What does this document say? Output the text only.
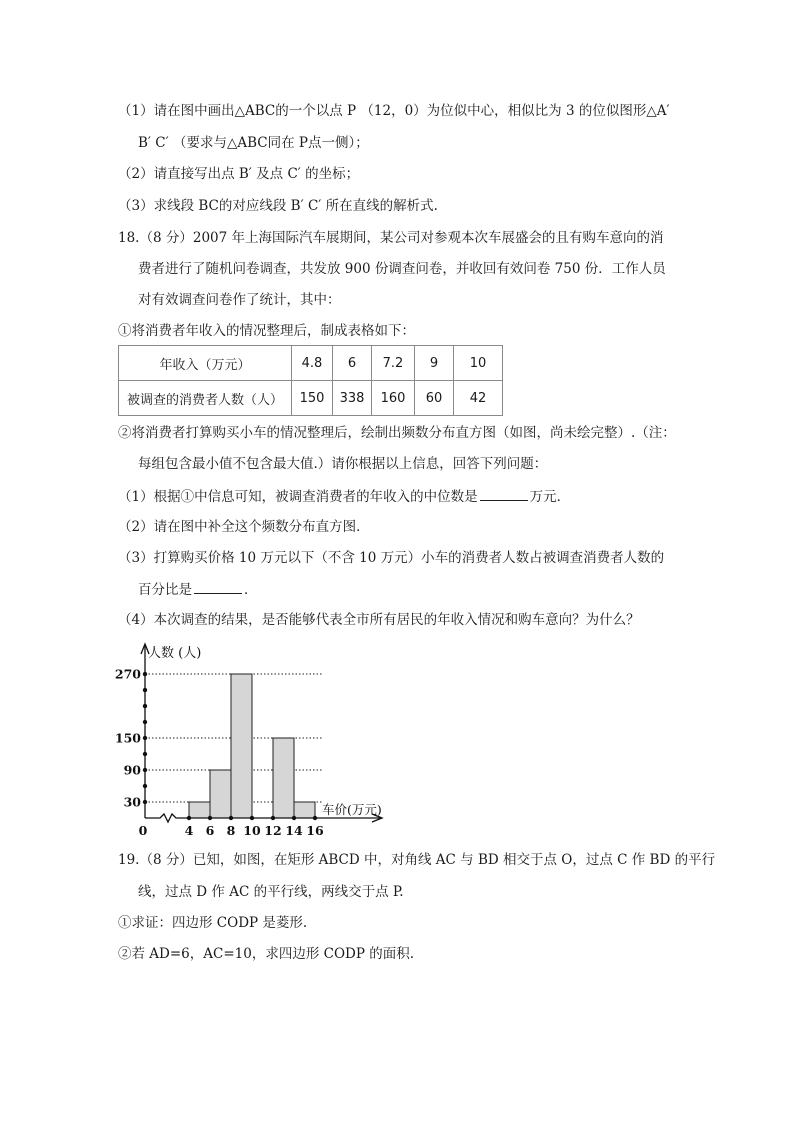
（1）请在图中画出△ABC的一个以点 P （12，0）为位似中心，相似比为 3 的位似图形△A′
B′ C′ （要求与△ABC同在 P点一侧）；
（2）请直接写出点 B′ 及点 C′ 的坐标；
（3）求线段 BC的对应线段 B′ C′ 所在直线的解析式.
18.（8 分）2007 年上海国际汽车展期间，某公司对参观本次车展盛会的且有购车意向的消
费者进行了随机问卷调查，共发放 900 份调查问卷，并收回有效问卷 750 份．工作人员
对有效调查问卷作了统计，其中：
①将消费者年收入的情况整理后，制成表格如下：
年收入（万元）	4.8	6	7.2	9	10
被调查的消费者人数（人）	150	338	160	60	42
②将消费者打算购买小车的情况整理后，绘制出频数分布直方图（如图，尚未绘完整）.（注：
每组包含最小值不包含最大值.）请你根据以上信息，回答下列问题：
（1）根据①中信息可知，被调查消费者的年收入的中位数是	万元．
（2）请在图中补全这个频数分布直方图．
（3）打算购买价格 10 万元以下（不含 10 万元）小车的消费者人数占被调查消费者人数的
百分比是	．
（4）本次调查的结果，是否能够代表全市所有居民的年收入情况和购车意向？为什么？
30
90
150
270
4 6 8 10 12 14 16
0
人数 (人)
车价(万元)
19.（8 分）已知，如图，在矩形 ABCD 中，对角线 AC 与 BD 相交于点 O，过点 C 作 BD 的平行
线，过点 D 作 AC 的平行线，两线交于点 P.
①求证：四边形 CODP 是菱形.
②若 AD=6，AC=10，求四边形 CODP 的面积.
